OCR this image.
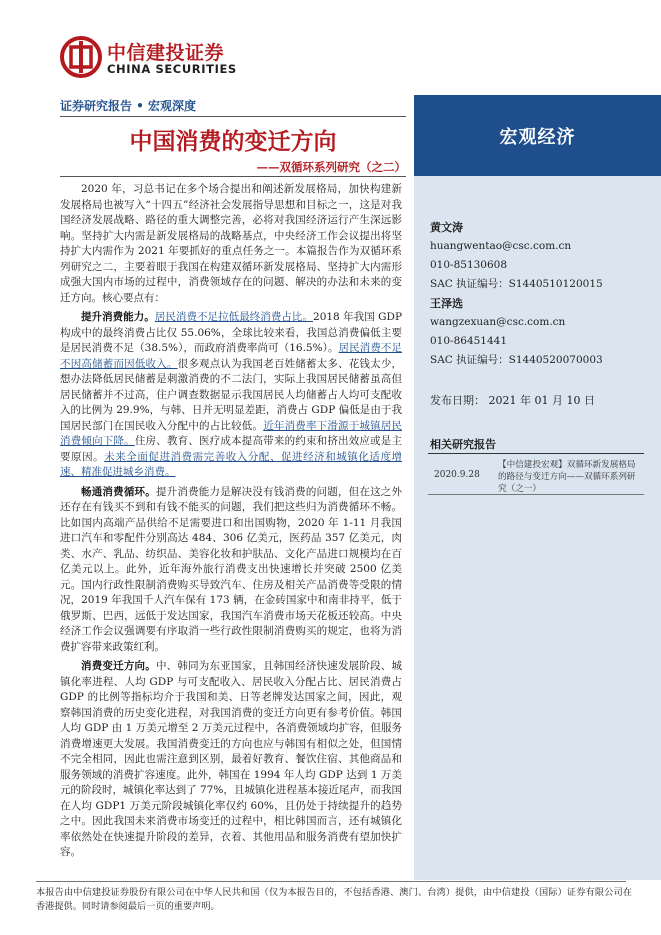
中信建投证券
CHINA SECURITIES
证券研究报告 • 宏观深度
中国消费的变迁方向
——双循环系列研究（之二）
宏观经济
黄文涛
huangwentao@csc.com.cn
010-85130608
SAC 执证编号：S1440510120015
王泽选
wangzexuan@csc.com.cn
010-86451441
SAC 执证编号：S1440520070003
发布日期： 2021 年 01 月 10 日
相关研究报告
2020.9.28
【中信建投宏观】双循环新发展格局的路径与变迁方向——双循环系列研究（之一）

2020 年，习总书记在多个场合提出和阐述新发展格局，加快构建新发展格局也被写入“十四五”经济社会发展指导思想和目标之一，这是对我国经济发展战略、路径的重大调整完善，必将对我国经济运行产生深远影响。坚持扩大内需是新发展格局的战略基点，中央经济工作会议提出将坚持扩大内需作为 2021 年要抓好的重点任务之一。本篇报告作为双循环系列研究之二，主要着眼于我国在构建双循环新发展格局、坚持扩大内需形成强大国内市场的过程中，消费领域存在的问题、解决的办法和未来的变迁方向。核心要点有：

提升消费能力。居民消费不足拉低最终消费占比。2018 年我国 GDP 构成中的最终消费占比仅 55.06%，全球比较来看，我国总消费偏低主要是居民消费不足（38.5%），而政府消费率尚可（16.5%）。居民消费不足不因高储蓄而因低收入。很多观点认为我国老百姓储蓄太多、花钱太少，想办法降低居民储蓄是刺激消费的不二法门，实际上我国居民储蓄虽高但居民储蓄并不过高，住户调查数据显示我国居民人均储蓄占人均可支配收入的比例为 29.9%，与韩、日并无明显差距，消费占 GDP 偏低是由于我国居民部门在国民收入分配中的占比较低。近年消费率下滑源于城镇居民消费倾向下降。住房、教育、医疗成本提高带来的约束和挤出效应或是主要原因。未来全面促进消费需完善收入分配、促进经济和城镇化适度增速、精准促进城乡消费。

畅通消费循环。提升消费能力是解决没有钱消费的问题，但在这之外还存在有钱买不到和有钱不能买的问题，我们把这些归为消费循环不畅。比如国内高端产品供给不足需要进口和出国购物，2020 年 1-11 月我国进口汽车和零配件分别高达 484、306 亿美元，医药品 357 亿美元，肉类、水产、乳品、纺织品、美容化妆和护肤品、文化产品进口规模均在百亿美元以上。此外，近年海外旅行消费支出快速增长并突破 2500 亿美元。国内行政性限制消费购买导致汽车、住房及相关产品消费等受限的情况，2019 年我国千人汽车保有 173 辆，在金砖国家中和南非持平，低于俄罗斯、巴西，远低于发达国家，我国汽车消费市场天花板还较高。中央经济工作会议强调要有序取消一些行政性限制消费购买的规定，也将为消费扩容带来政策红利。

消费变迁方向。中、韩同为东亚国家，且韩国经济快速发展阶段、城镇化率进程、人均 GDP 与可支配收入、居民收入分配占比、居民消费占 GDP 的比例等指标均介于我国和美、日等老牌发达国家之间，因此，观察韩国消费的历史变化进程，对我国消费的变迁方向更有参考价值。韩国人均 GDP 由 1 万美元增至 2 万美元过程中，各消费领域均扩容，但服务消费增速更大发展。我国消费变迁的方向也应与韩国有相似之处，但国情不完全相同，因此也需注意到区别，最着好教育、餐饮住宿、其他商品和服务领域的消费扩容速度。此外，韩国在 1994 年人均 GDP 达到 1 万美元的阶段时，城镇化率达到了 77%，且城镇化进程基本接近尾声，而我国在人均 GDP1 万美元阶段城镇化率仅约 60%，且仍处于持续提升的趋势之中。因此我国未来消费市场变迁的过程中，相比韩国而言，还有城镇化率依然处在快速提升阶段的差异，衣着、其他用品和服务消费有望加快扩容。

本报告由中信建投证券股份有限公司在中华人民共和国（仅为本报告目的，不包括香港、澳门、台湾）提供，由中信建投（国际）证券有限公司在香港提供。同时请参阅最后一页的重要声明。
